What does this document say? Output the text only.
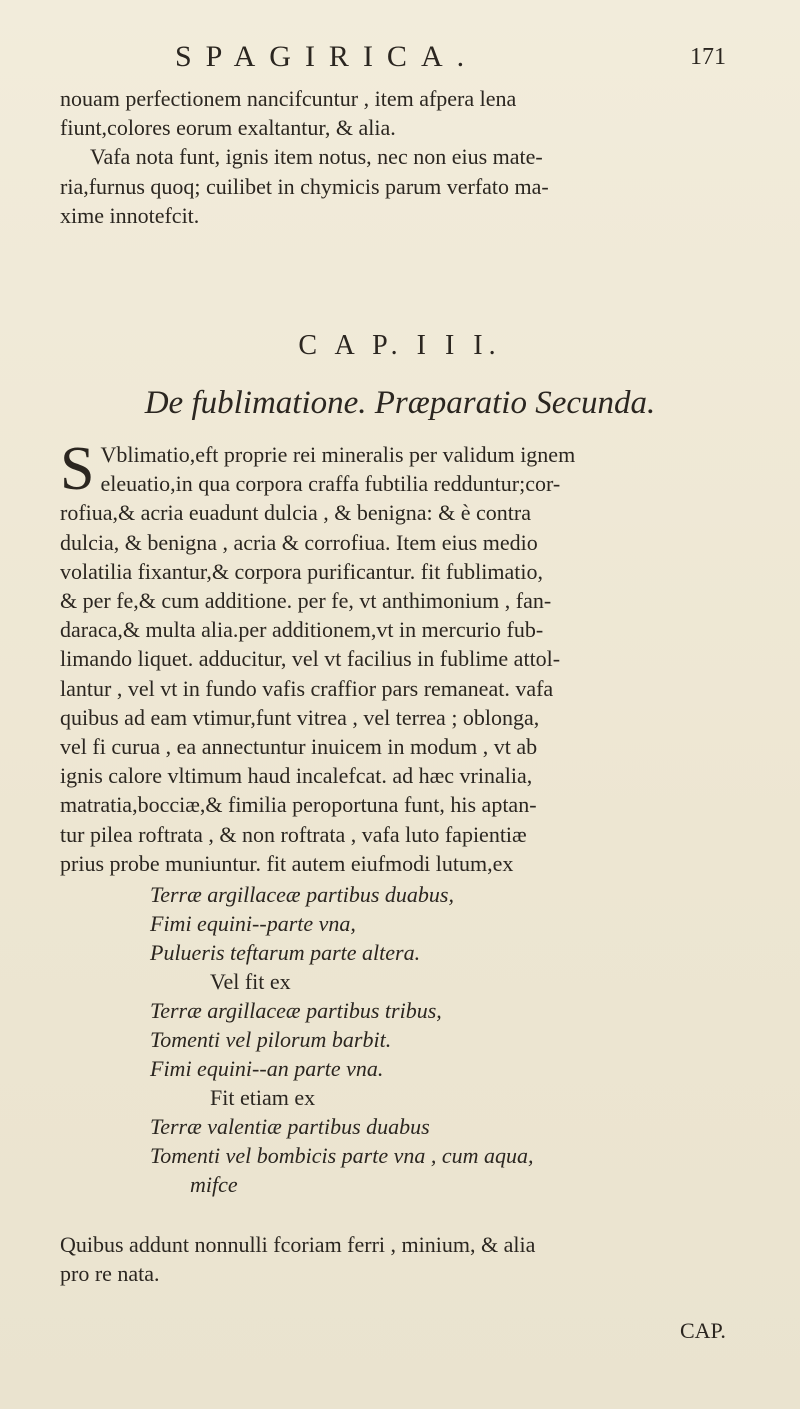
SPAGIRICA.	171
nouam perfectionem nancifcuntur , item afpera lena
fiunt,colores eorum exaltantur, & alia.
Vafa nota funt, ignis item notus, nec non eius mate-
ria,furnus quoq; cuilibet in chymicis parum verfato ma-
xime innotefcit.
C A P. I I I.
De fublimatione. Præparatio Secunda.
S Vblimatio,eft proprie rei mineralis per validum ignem
eleuatio,in qua corpora craffa fubtilia redduntur;cor-
rofiua,& acria euadunt dulcia , & benigna: & è contra
dulcia, & benigna , acria & corrofiua. Item eius medio
volatilia fixantur,& corpora purificantur. fit fublimatio,
& per fe,& cum additione. per fe, vt anthimonium , fan-
daraca,& multa alia.per additionem,vt in mercurio fub-
limando liquet. adducitur, vel vt facilius in fublime attol-
lantur , vel vt in fundo vafis craffior pars remaneat. vafa
quibus ad eam vtimur,funt vitrea , vel terrea ; oblonga,
vel fi curua , ea annectuntur inuicem in modum , vt ab
ignis calore vltimum haud incalefcat. ad hæc vrinalia,
matratia,bocciæ,& fimilia peroportuna funt, his aptan-
tur pilea roftrata , & non roftrata , vafa luto fapientiæ
prius probe muniuntur. fit autem eiufmodi lutum,ex
Terræ argillaceæ partibus duabus,
Fimi equini--parte vna,
Pulueris teftarum parte altera.
Vel fit ex
Terræ argillaceæ partibus tribus,
Tomenti vel pilorum barbit.
Fimi equini--an parte vna.
Fit etiam ex
Terræ valentiæ partibus duabus
Tomenti vel bombicis parte vna , cum aqua,
mifce
Quibus addunt nonnulli fcoriam ferri , minium, & alia
pro re nata.
CAP.
